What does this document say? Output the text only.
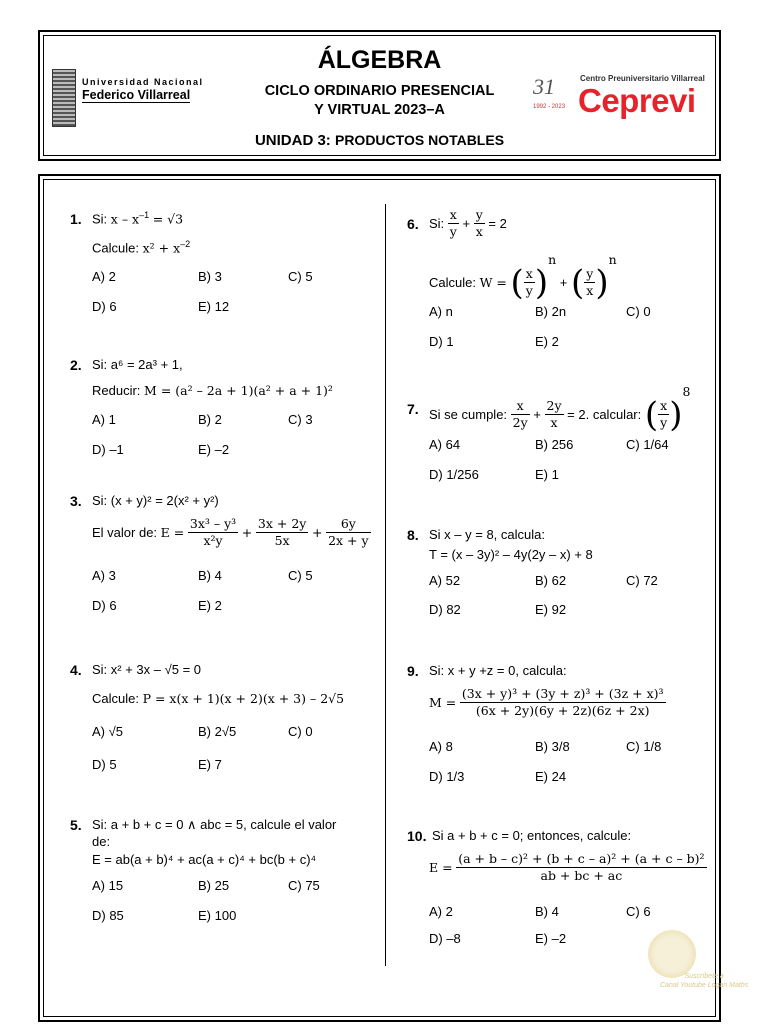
Universidad Nacional
Federico Villarreal
ÁLGEBRA
CICLO ORDINARIO PRESENCIAL
Y VIRTUAL 2023–A
UNIDAD 3: PRODUCTOS NOTABLES
31
1992 - 2023
Centro Preuniversitario Villarreal
Ceprevi
1. Si: $x - x^{-1} = √3$
Calcule: $x^2 + x^{-2}$
A) 2	B) 3	C) 5
D) 6	E) 12
2. Si: a⁶ = 2a³ + 1,
Reducir: M = (a² – 2a + 1)(a² + a + 1)²
A) 1	B) 2	C) 3
D) –1	E) –2
3. Si: (x + y)² = 2(x² + y²)
El valor de: $E = \frac{\text{3x³ – y³}}{\text{x²y}} + \frac{3x + 2y}{5x} + \frac{6y}{2x + y}$
A) 3	B) 4	C) 5
D) 6	E) 2
4. Si: x² + 3x – √5 = 0
Calcule: P = x(x + 1)(x + 2)(x + 3) – 2√5
A) √5	B) 2√5	C) 0
D) 5	E) 7
5. Si: a + b + c = 0 ∧ abc = 5, calcule el valor
de:
E = ab(a + b)⁴ + ac(a + c)⁴ + bc(b + c)⁴
A) 15	B) 25	C) 75
D) 85	E) 100
6. Si: $\frac{x}{y} + \frac{y}{x} = 2$
Calcule: W = ( $\frac{x}{y} )^n$ + ( $\frac{y}{x} )^n$
A) n	B) 2n	C) 0
D) 1	E) 2
7. Si se cumple: $\frac{x}{2y} + \frac{2y}{x} = 2$. calcular: ( $\frac{x}{y} )^8$
A) 64	B) 256	C) 1/64
D) 1/256	E) 1
8. Si x – y = 8, calcula:
T = (x – 3y)² – 4y(2y – x) + 8
A) 52	B) 62	C) 72
D) 82	E) 92
9. Si: x + y +z = 0, calcula:
$M = \frac{\text{(3x + y)³ + (3y + z)³ + (3z + x)³}}{(6x + 2y)(6y + 2z)(6z + 2x)}$
A) 8	B) 3/8	C) 1/8
D) 1/3	E) 24
10. Si a + b + c = 0; entonces, calcule:
$E = \frac{\text{(a + b – c)² + (b + c – a)² + (a + c – b)²}}{ab + bc + ac}$
A) 2	B) 4	C) 6
D) –8	E) –2
Suscríbete a
Canal Youtube Logan Maths
